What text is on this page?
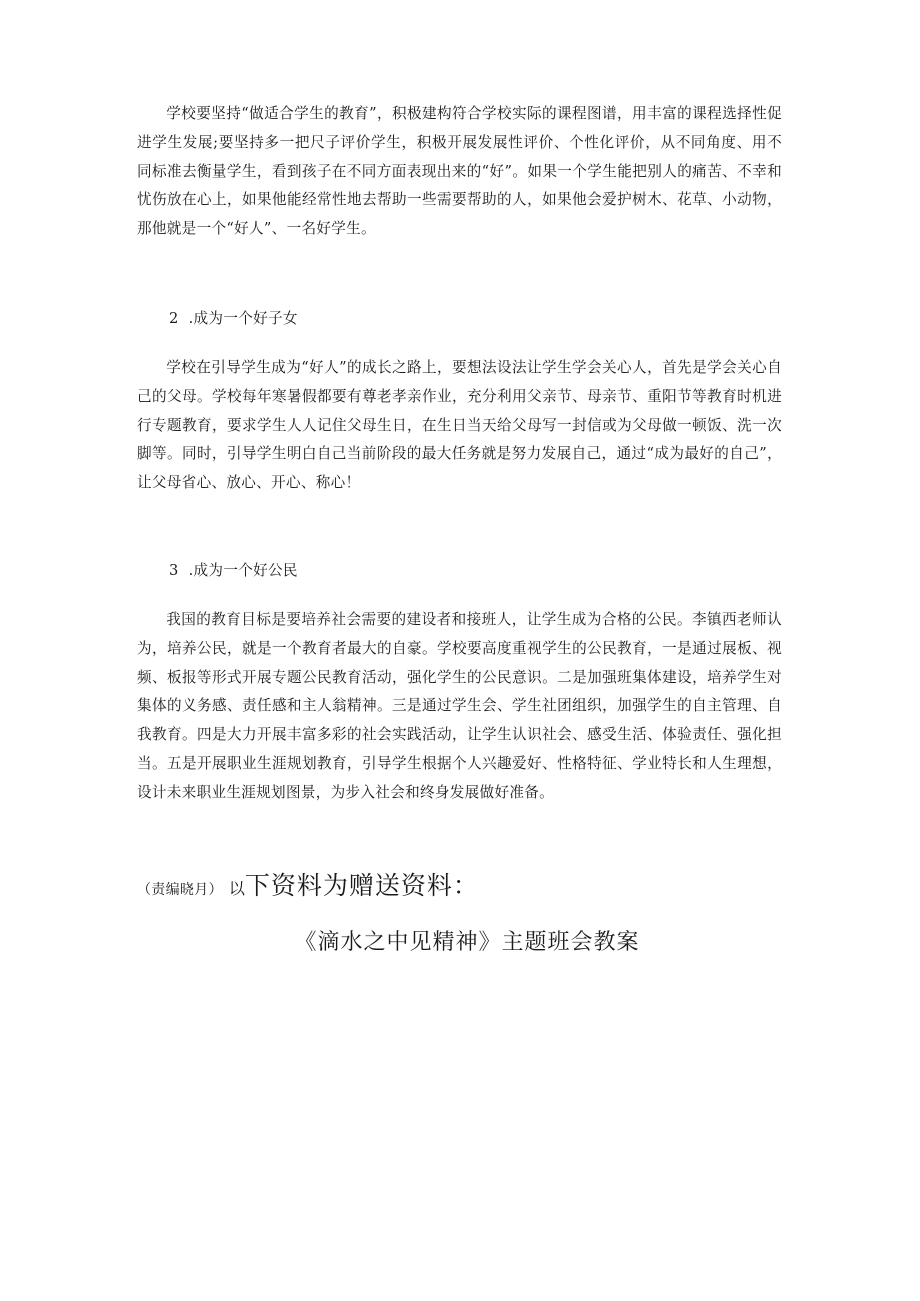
学校要坚持“做适合学生的教育”，积极建构符合学校实际的课程图谱，用丰富的课程选择性促进学生发展;要坚持多一把尺子评价学生，积极开展发展性评价、个性化评价，从不同角度、用不同标准去衡量学生，看到孩子在不同方面表现出来的“好”。如果一个学生能把别人的痛苦、不幸和忧伤放在心上，如果他能经常性地去帮助一些需要帮助的人，如果他会爱护树木、花草、小动物，那他就是一个“好人”、一名好学生。

2 .成为一个好子女

学校在引导学生成为“好人”的成长之路上，要想法设法让学生学会关心人，首先是学会关心自己的父母。学校每年寒暑假都要有尊老孝亲作业，充分利用父亲节、母亲节、重阳节等教育时机进行专题教育，要求学生人人记住父母生日，在生日当天给父母写一封信或为父母做一顿饭、洗一次脚等。同时，引导学生明白自己当前阶段的最大任务就是努力发展自己，通过“成为最好的自己”，让父母省心、放心、开心、称心！

3 .成为一个好公民

我国的教育目标是要培养社会需要的建设者和接班人，让学生成为合格的公民。李镇西老师认为，培养公民，就是一个教育者最大的自豪。学校要高度重视学生的公民教育，一是通过展板、视频、板报等形式开展专题公民教育活动，强化学生的公民意识。二是加强班集体建设，培养学生对集体的义务感、责任感和主人翁精神。三是通过学生会、学生社团组织，加强学生的自主管理、自我教育。四是大力开展丰富多彩的社会实践活动，让学生认识社会、感受生活、体验责任、强化担当。五是开展职业生涯规划教育，引导学生根据个人兴趣爱好、性格特征、学业特长和人生理想，设计未来职业生涯规划图景，为步入社会和终身发展做好准备。

（责编晓月） 以下资料为赠送资料：

《滴水之中见精神》主题班会教案
